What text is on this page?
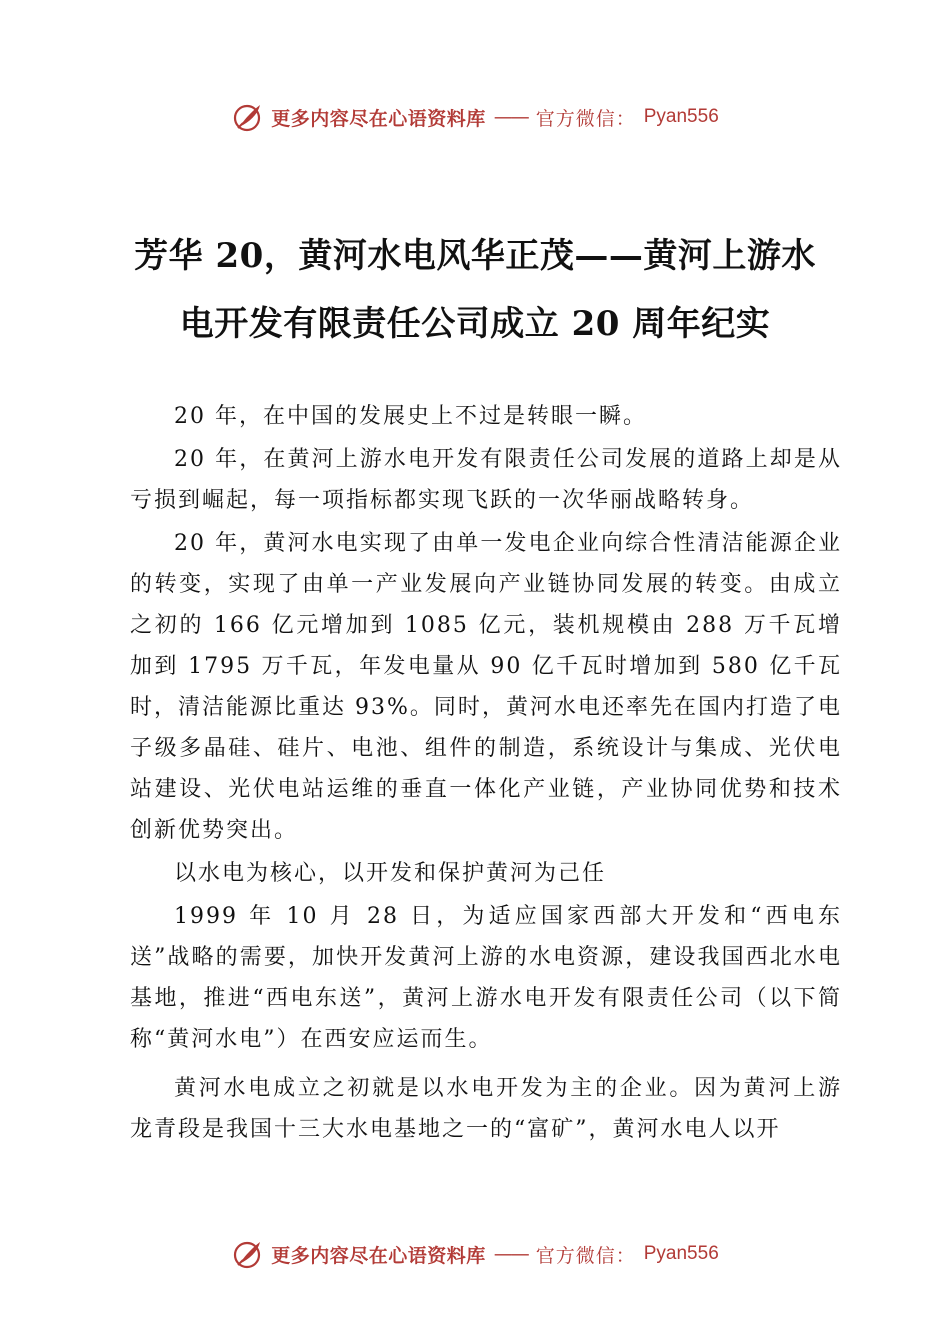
更多内容尽在心语资料库 —— 官方微信： Pyan556
芳华 20，黄河水电风华正茂——黄河上游水
电开发有限责任公司成立 20 周年纪实

20 年，在中国的发展史上不过是转眼一瞬。

20 年，在黄河上游水电开发有限责任公司发展的道路上却是从亏损到崛起，每一项指标都实现飞跃的一次华丽战略转身。

20 年，黄河水电实现了由单一发电企业向综合性清洁能源企业的转变，实现了由单一产业发展向产业链协同发展的转变。由成立之初的 166 亿元增加到 1085 亿元，装机规模由 288 万千瓦增加到 1795 万千瓦，年发电量从 90 亿千瓦时增加到 580 亿千瓦时，清洁能源比重达 93%。同时，黄河水电还率先在国内打造了电子级多晶硅、硅片、电池、组件的制造，系统设计与集成、光伏电站建设、光伏电站运维的垂直一体化产业链，产业协同优势和技术创新优势突出。

以水电为核心，以开发和保护黄河为己任

1999 年 10 月 28 日，为适应国家西部大开发和“西电东送”战略的需要，加快开发黄河上游的水电资源，建设我国西北水电基地，推进“西电东送”，黄河上游水电开发有限责任公司（以下简称“黄河水电”）在西安应运而生。

黄河水电成立之初就是以水电开发为主的企业。因为黄河上游龙青段是我国十三大水电基地之一的“富矿”，黄河水电人以开

更多内容尽在心语资料库 —— 官方微信： Pyan556
